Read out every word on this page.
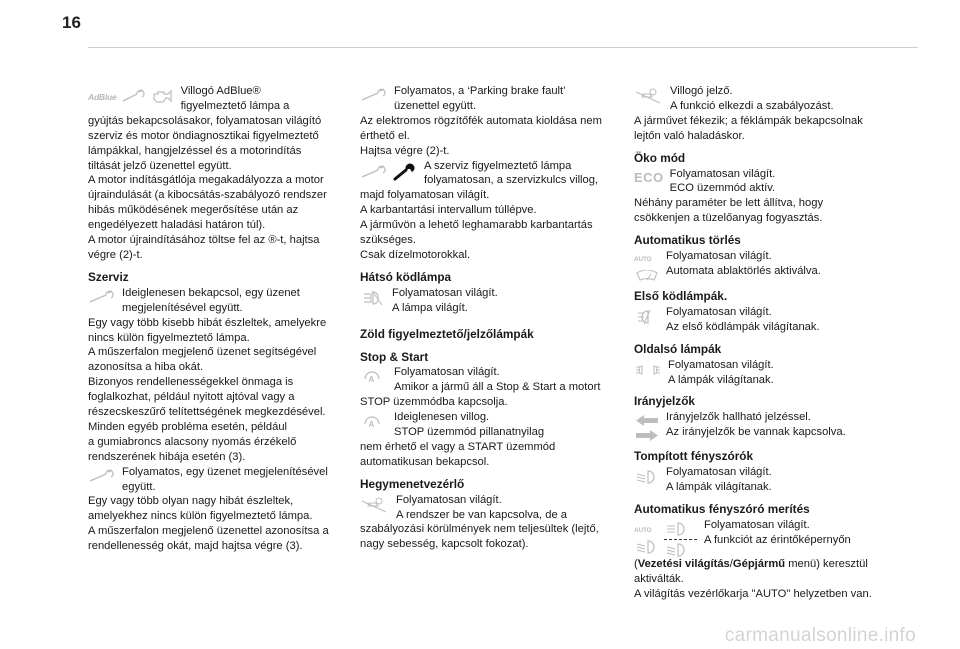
16
AdBlue	Villogó AdBlue®
figyelmeztető lámpa a
gyújtás bekapcsolásakor, folyamatosan világító
szerviz és motor öndiagnosztikai figyelmeztető
lámpákkal, hangjelzéssel és a motorindítás
tiltását jelző üzenettel együtt.
A motor indításgátlója megakadályozza a motor
újraindulását (a kibocsátás-szabályozó rendszer
hibás működésének megerősítése után az
engedélyezett haladási határon túl).
A motor újraindításához töltse fel az ®-t, hajtsa
végre (2)-t.
Szerviz
Ideiglenesen bekapcsol, egy üzenet
megjelenítésével együtt.
Egy vagy több kisebb hibát észleltek, amelyekre
nincs külön figyelmeztető lámpa.
A műszerfalon megjelenő üzenet segítségével
azonosítsa a hiba okát.
Bizonyos rendellenességekkel önmaga is
foglalkozhat, például nyitott ajtóval vagy a
részecskeszűrő telítettségének megkezdésével.
Minden egyéb probléma esetén, például
a gumiabroncs alacsony nyomás érzékelő
rendszerének hibája esetén (3).
Folyamatos, egy üzenet megjelenítésével
együtt.
Egy vagy több olyan nagy hibát észleltek,
amelyekhez nincs külön figyelmeztető lámpa.
A műszerfalon megjelenő üzenettel azonosítsa a
rendellenesség okát, majd hajtsa végre (3).
Folyamatos, a ‘Parking brake fault’
üzenettel együtt.
Az elektromos rögzítőfék automata kioldása nem
érthető el.
Hajtsa végre (2)-t.
A szerviz figyelmeztető lámpa
folyamatosan, a szervizkulcs villog,
majd folyamatosan világít.
A karbantartási intervallum túllépve.
A járművön a lehető leghamarabb karbantartás
szükséges.
Csak dízelmotorokkal.
Hátsó ködlámpa
Folyamatosan világít.
A lámpa világít.
Zöld figyelmeztető/jelzőlámpák
Stop & Start
A
Folyamatosan világít.
Amikor a jármű áll a Stop & Start a motort
STOP üzemmódba kapcsolja.
A
Ideiglenesen villog.
STOP üzemmód pillanatnyilag
nem érhető el vagy a START üzemmód
automatikusan bekapcsol.
Hegymenetvezérlő
Folyamatosan világít.
A rendszer be van kapcsolva, de a
szabályozási körülmények nem teljesültek (lejtő,
nagy sebesség, kapcsolt fokozat).
Villogó jelző.
A funkció elkezdi a szabályozást.
A járművet fékezik; a féklámpák bekapcsolnak
lejtőn való haladáskor.
Öko mód
ECO Folyamatosan világít.
ECO üzemmód aktív.
Néhány paraméter be lett állítva, hogy
csökkenjen a tüzelőanyag fogyasztás.
Automatikus törlés
AUTO Folyamatosan világít.
Automata ablaktörlés aktiválva.
Első ködlámpák.
Folyamatosan világít.
Az első ködlámpák világítanak.
Oldalsó lámpák
Folyamatosan világít.
A lámpák világítanak.
Irányjelzők
Irányjelzők hallható jelzéssel.
Az irányjelzők be vannak kapcsolva.
Tompított fényszórók
Folyamatosan világít.
A lámpák világítanak.
Automatikus fényszóró merítés
AUTO
Folyamatosan világít.
A funkciót az érintőképernyőn
(Vezetési világítás/Gépjármű menü) keresztül
aktiválták.
A világítás vezérlőkarja "AUTO" helyzetben van.
carmanualsonline.info
